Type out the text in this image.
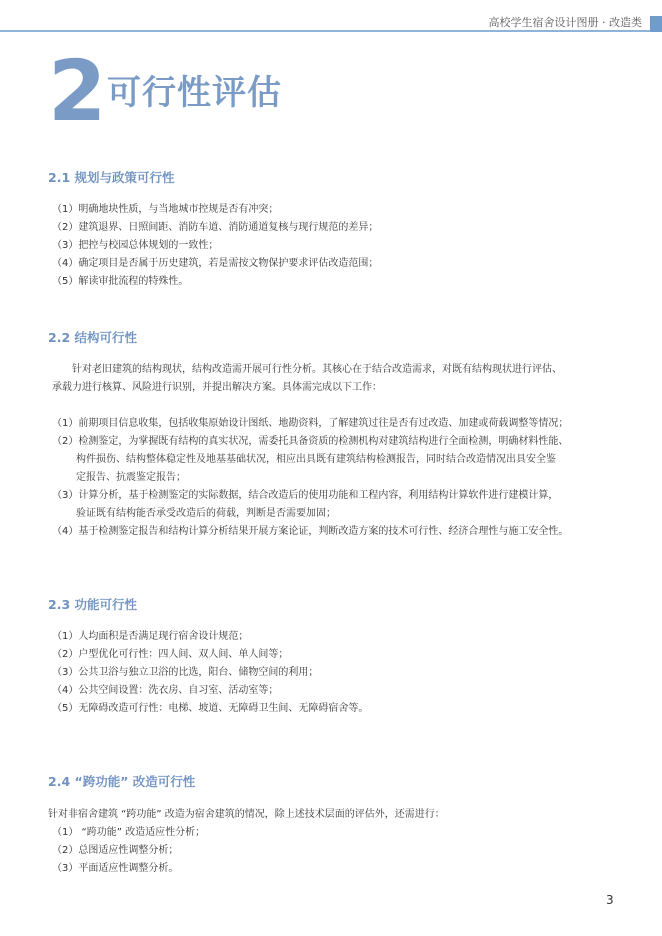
高校学生宿舍设计图册 · 改造类
2 可行性评估
2.1 规划与政策可行性
（1）明确地块性质，与当地城市控规是否有冲突；
（2）建筑退界、日照间距、消防车道、消防通道复核与现行规范的差异；
（3）把控与校园总体规划的一致性；
（4）确定项目是否属于历史建筑，若是需按文物保护要求评估改造范围；
（5）解读审批流程的特殊性。
2.2 结构可行性
针对老旧建筑的结构现状，结构改造需开展可行性分析。其核心在于结合改造需求，对既有结构现状进行评估、
承载力进行核算、风险进行识别，并提出解决方案。具体需完成以下工作：
（1）前期项目信息收集，包括收集原始设计图纸、地勘资料，了解建筑过往是否有过改造、加建或荷载调整等情况；
（2）检测鉴定，为掌握既有结构的真实状况，需委托具备资质的检测机构对建筑结构进行全面检测，明确材料性能、
构件损伤、结构整体稳定性及地基基础状况，相应出具既有建筑结构检测报告，同时结合改造情况出具安全鉴
定报告、抗震鉴定报告；
（3）计算分析，基于检测鉴定的实际数据，结合改造后的使用功能和工程内容，利用结构计算软件进行建模计算，
验证既有结构能否承受改造后的荷载，判断是否需要加固；
（4）基于检测鉴定报告和结构计算分析结果开展方案论证，判断改造方案的技术可行性、经济合理性与施工安全性。
2.3 功能可行性
（1）人均面积是否满足现行宿舍设计规范；
（2）户型优化可行性：四人间、双人间、单人间等；
（3）公共卫浴与独立卫浴的比选，阳台、储物空间的利用；
（4）公共空间设置：洗衣房、自习室、活动室等；
（5）无障碍改造可行性：电梯、坡道、无障碍卫生间、无障碍宿舍等。
2.4 “跨功能” 改造可行性
针对非宿舍建筑 “跨功能” 改造为宿舍建筑的情况，除上述技术层面的评估外，还需进行：
（1） “跨功能” 改造适应性分析；
（2）总图适应性调整分析；
（3）平面适应性调整分析。
3
